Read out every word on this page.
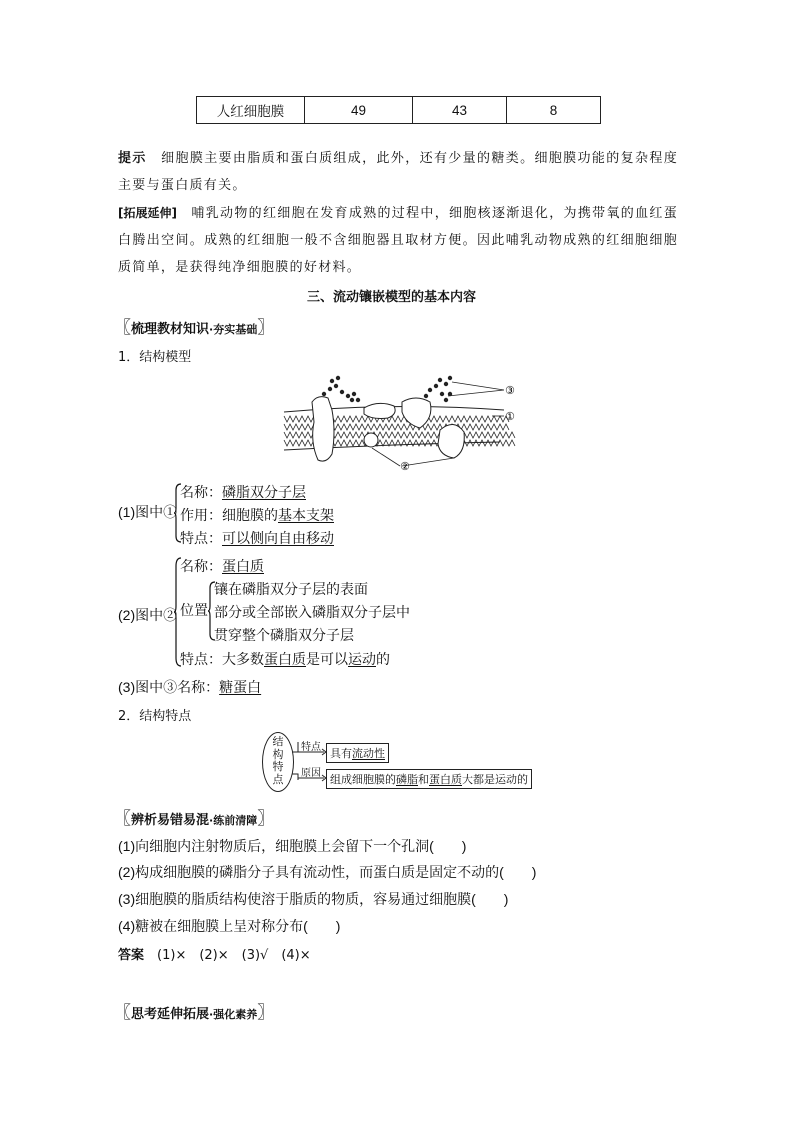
人红细胞膜	49	43	8
提示　 细胞膜主要由脂质和蛋白质组成，此外，还有少量的糖类。细胞膜功能的复杂程度主要与蛋白质有关。
[拓展延伸]　 哺乳动物的红细胞在发育成熟的过程中，细胞核逐渐退化，为携带氧的血红蛋白腾出空间。成熟的红细胞一般不含细胞器且取材方便。因此哺乳动物成熟的红细胞细胞质简单，是获得纯净细胞膜的好材料。
三、流动镶嵌模型的基本内容
〖梳理教材知识·夯实基础〗
1．结构模型
③
①
②
(1)图中①
名称：磷脂双分子层
作用：细胞膜的基本支架
特点：可以侧向自由移动
(2)图中②
名称：蛋白质
位置
镶在磷脂双分子层的表面
部分或全部嵌入磷脂双分子层中
贯穿整个磷脂双分子层
特点：大多数蛋白质是可以运动的
(3)图中③名称：糖蛋白
2．结构特点
结
构
特
点
特点
原因
具有流动性
组成细胞膜的磷脂和蛋白质大都是运动的
〖辨析易错易混·练前清障〗
(1)向细胞内注射物质后，细胞膜上会留下一个孔洞(　　)
(2)构成细胞膜的磷脂分子具有流动性，而蛋白质是固定不动的(　　)
(3)细胞膜的脂质结构使溶于脂质的物质，容易通过细胞膜(　　)
(4)糖被在细胞膜上呈对称分布(　　)
答案　 (1)×　(2)×　(3)√　(4)×
〖思考延伸拓展·强化素养〗
